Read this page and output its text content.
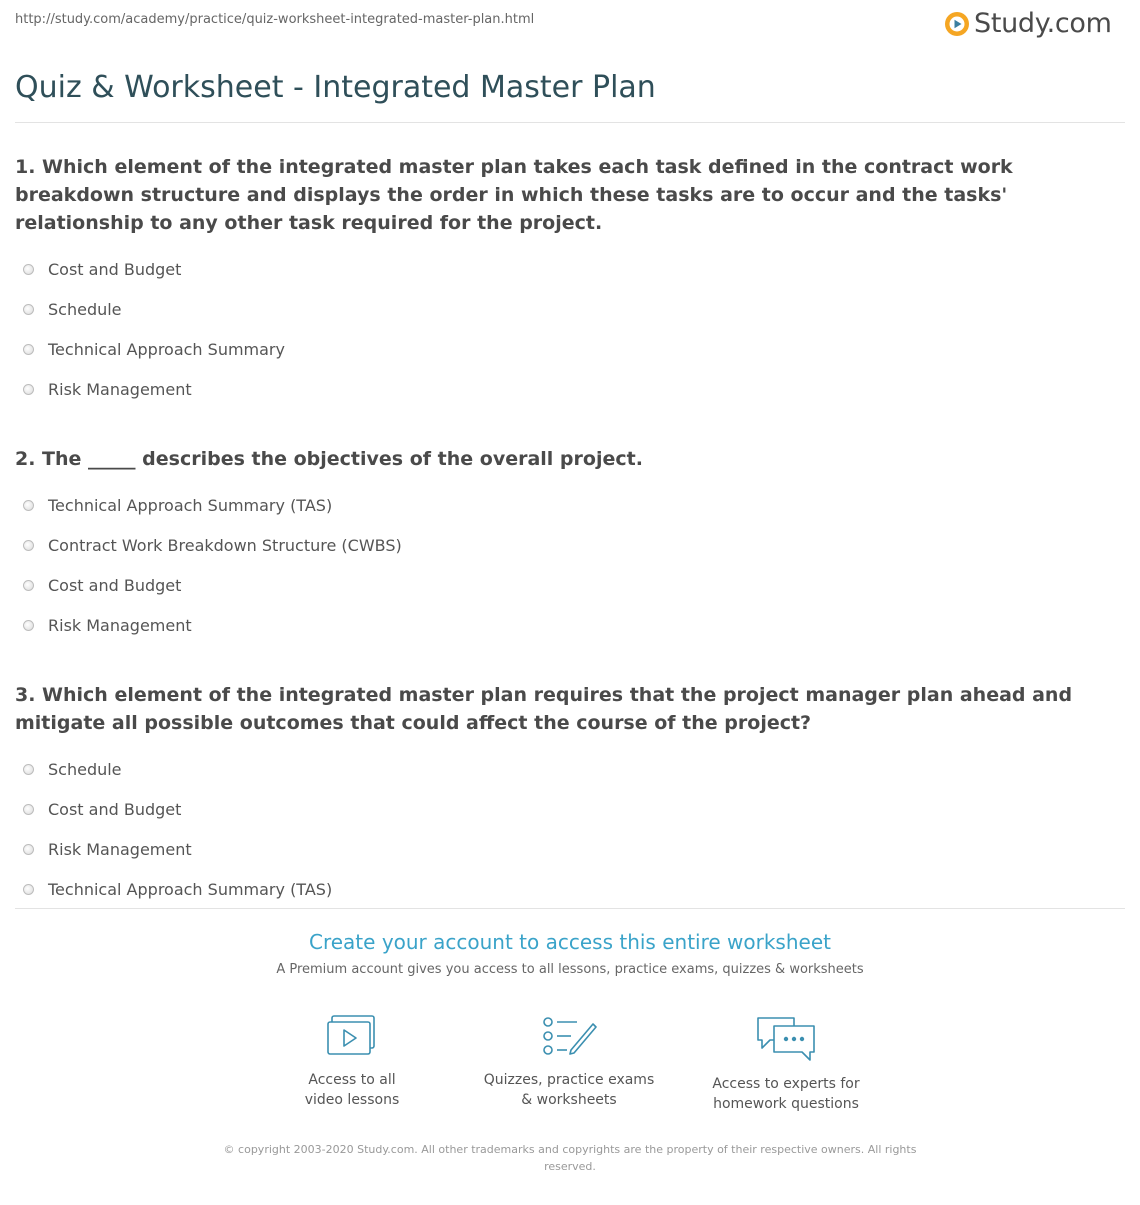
http://study.com/academy/practice/quiz-worksheet-integrated-master-plan.html	Study.com
Quiz & Worksheet - Integrated Master Plan

1. Which element of the integrated master plan takes each task defined in the contract work breakdown structure and displays the order in which these tasks are to occur and the tasks' relationship to any other task required for the project.

Cost and Budget
Schedule
Technical Approach Summary
Risk Management

2. The _____ describes the objectives of the overall project.

Technical Approach Summary (TAS)
Contract Work Breakdown Structure (CWBS)
Cost and Budget
Risk Management

3. Which element of the integrated master plan requires that the project manager plan ahead and mitigate all possible outcomes that could affect the course of the project?

Schedule
Cost and Budget
Risk Management
Technical Approach Summary (TAS)
Create your account to access this entire worksheet
A Premium account gives you access to all lessons, practice exams, quizzes & worksheets
Access to all
video lessons
Quizzes, practice exams
& worksheets
Access to experts for
homework questions
© copyright 2003-2020 Study.com. All other trademarks and copyrights are the property of their respective owners. All rights reserved.
